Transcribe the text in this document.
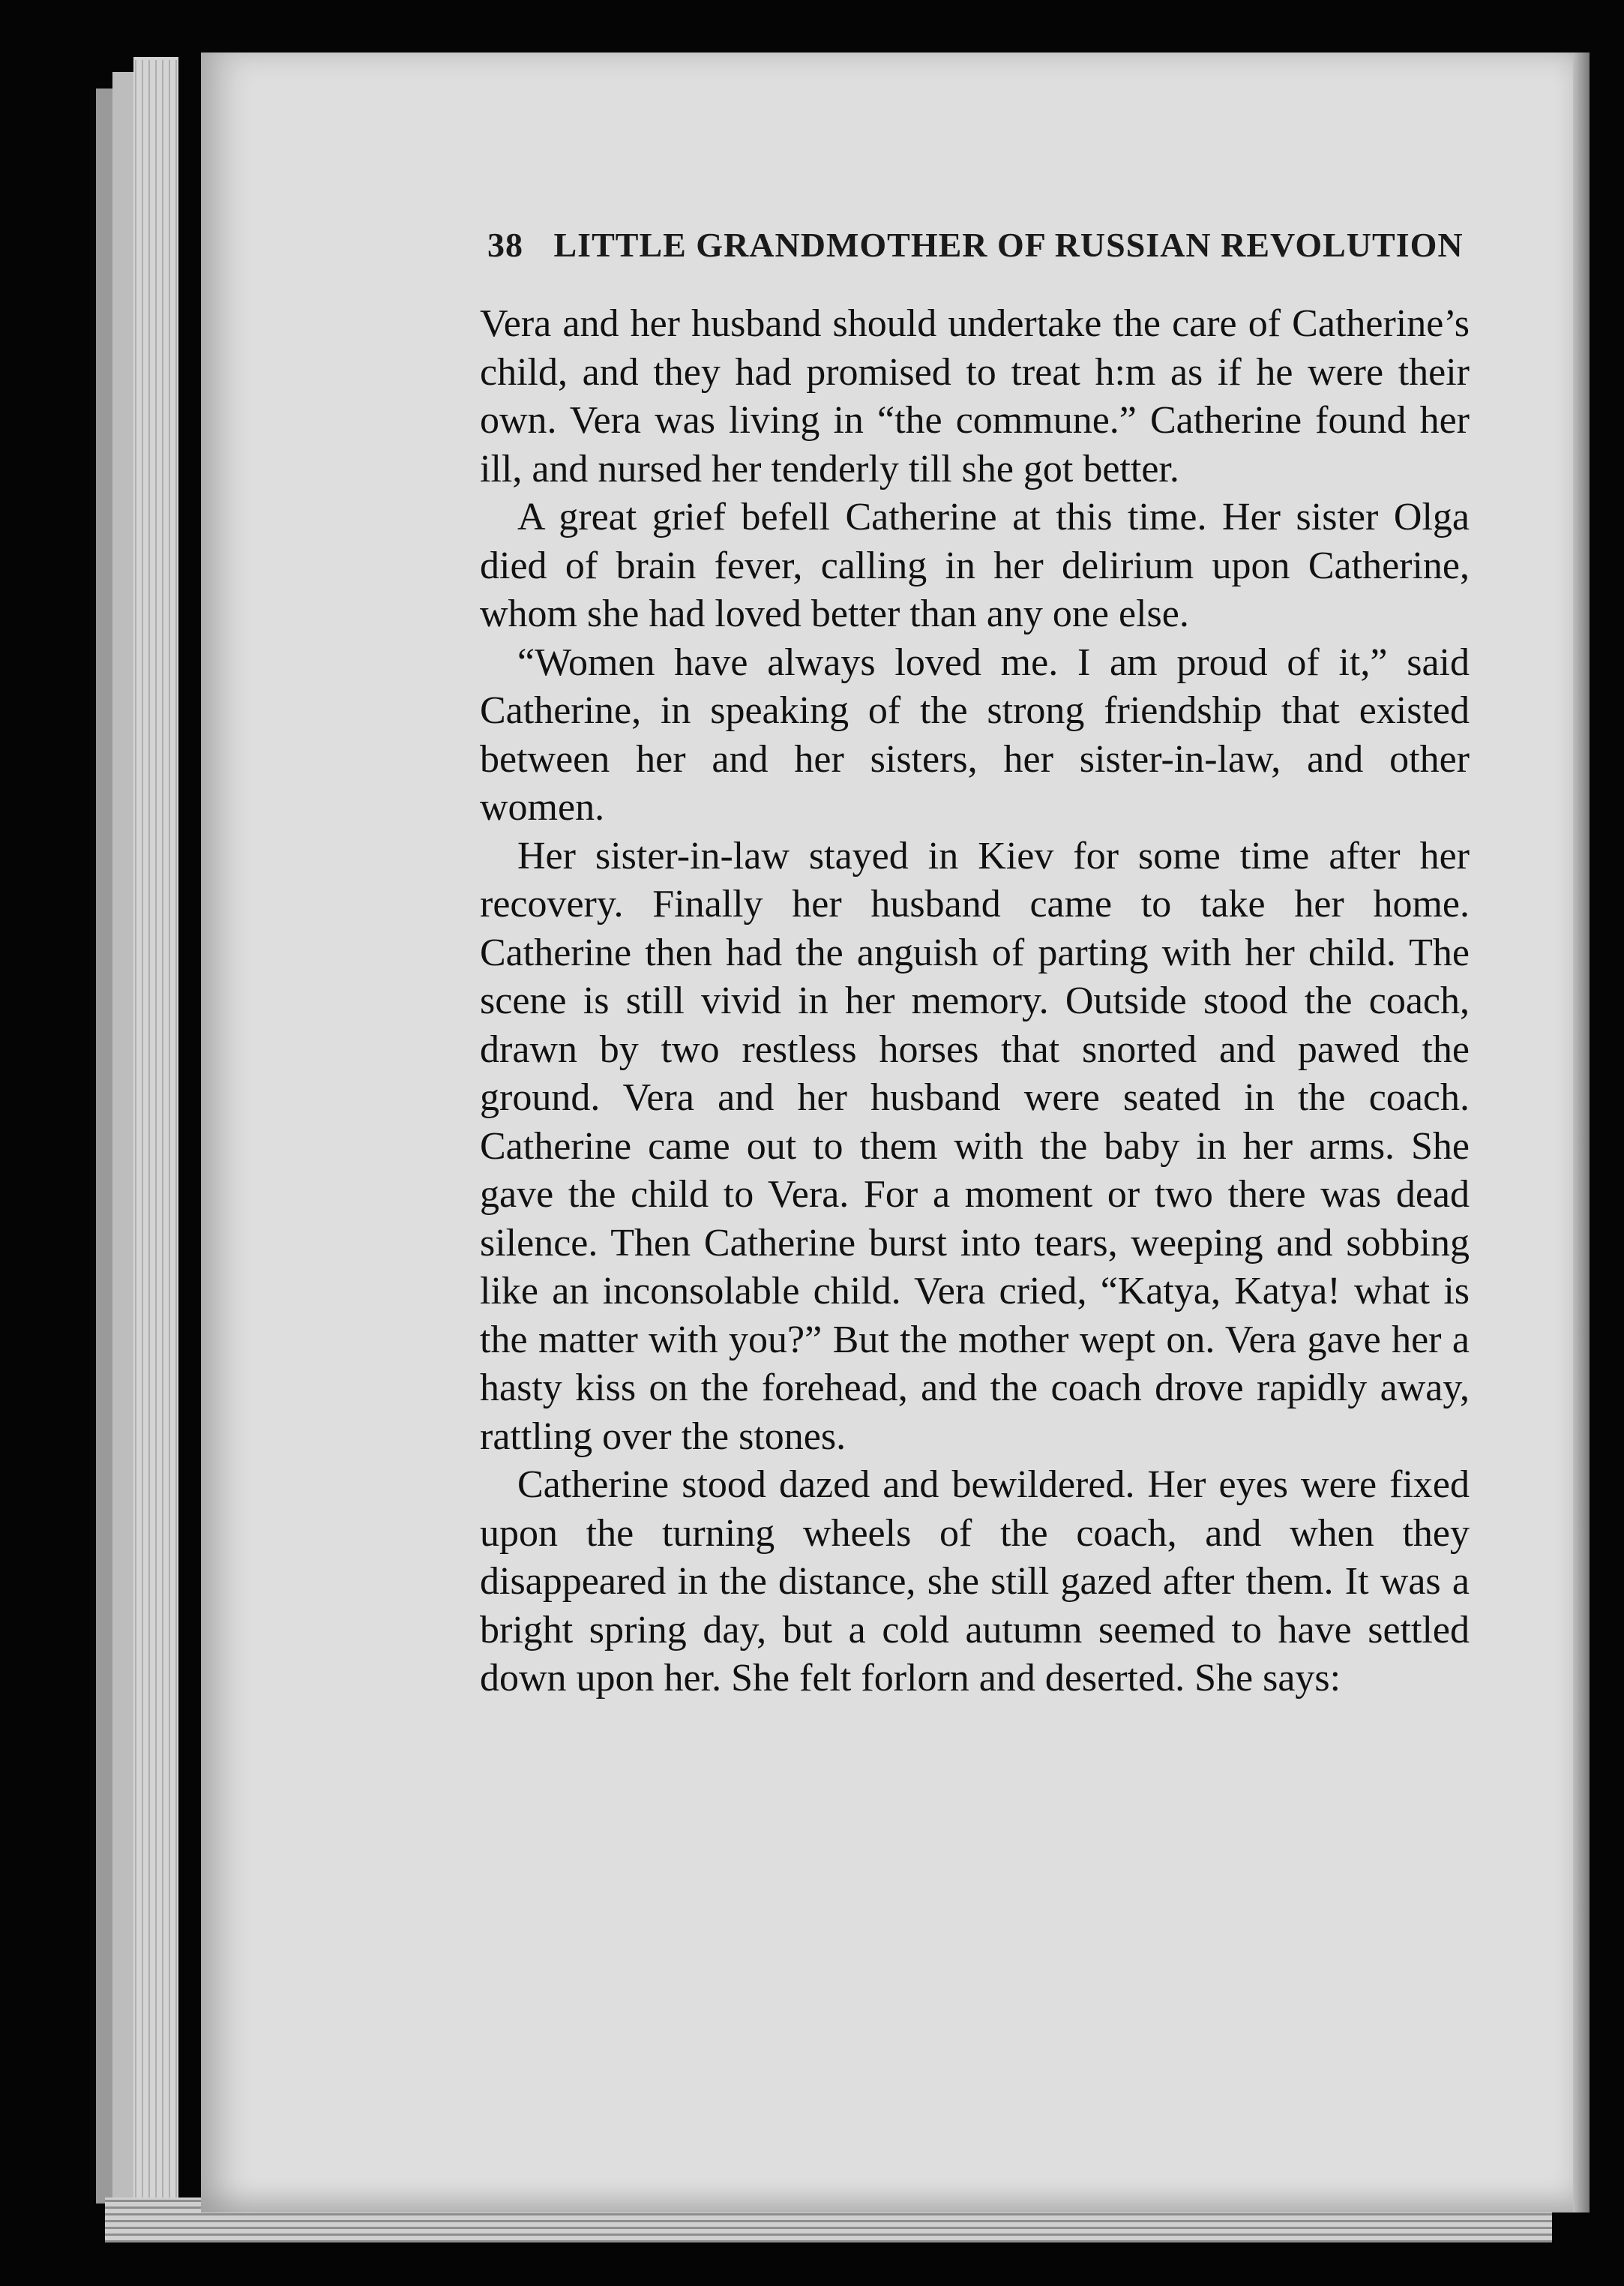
38 LITTLE GRANDMOTHER OF RUSSIAN REVOLUTION

Vera and her husband should undertake the care of Catherine’s child, and they had promised to treat h:m as if he were their own. Vera was living in “the commune.” Catherine found her ill, and nursed her tenderly till she got better.

A great grief befell Catherine at this time. Her sister Olga died of brain fever, calling in her delirium upon Catherine, whom she had loved better than any one else.

“Women have always loved me. I am proud of it,” said Catherine, in speaking of the strong friendship that existed between her and her sisters, her sister-in-law, and other women.

Her sister-in-law stayed in Kiev for some time after her recovery. Finally her husband came to take her home. Catherine then had the anguish of parting with her child. The scene is still vivid in her memory. Outside stood the coach, drawn by two restless horses that snorted and pawed the ground. Vera and her husband were seated in the coach. Catherine came out to them with the baby in her arms. She gave the child to Vera. For a moment or two there was dead silence. Then Catherine burst into tears, weeping and sobbing like an inconsolable child. Vera cried, “Katya, Katya! what is the matter with you?” But the mother wept on. Vera gave her a hasty kiss on the forehead, and the coach drove rapidly away, rattling over the stones.

Catherine stood dazed and bewildered. Her eyes were fixed upon the turning wheels of the coach, and when they disappeared in the distance, she still gazed after them. It was a bright spring day, but a cold autumn seemed to have settled down upon her. She felt forlorn and deserted. She says:
